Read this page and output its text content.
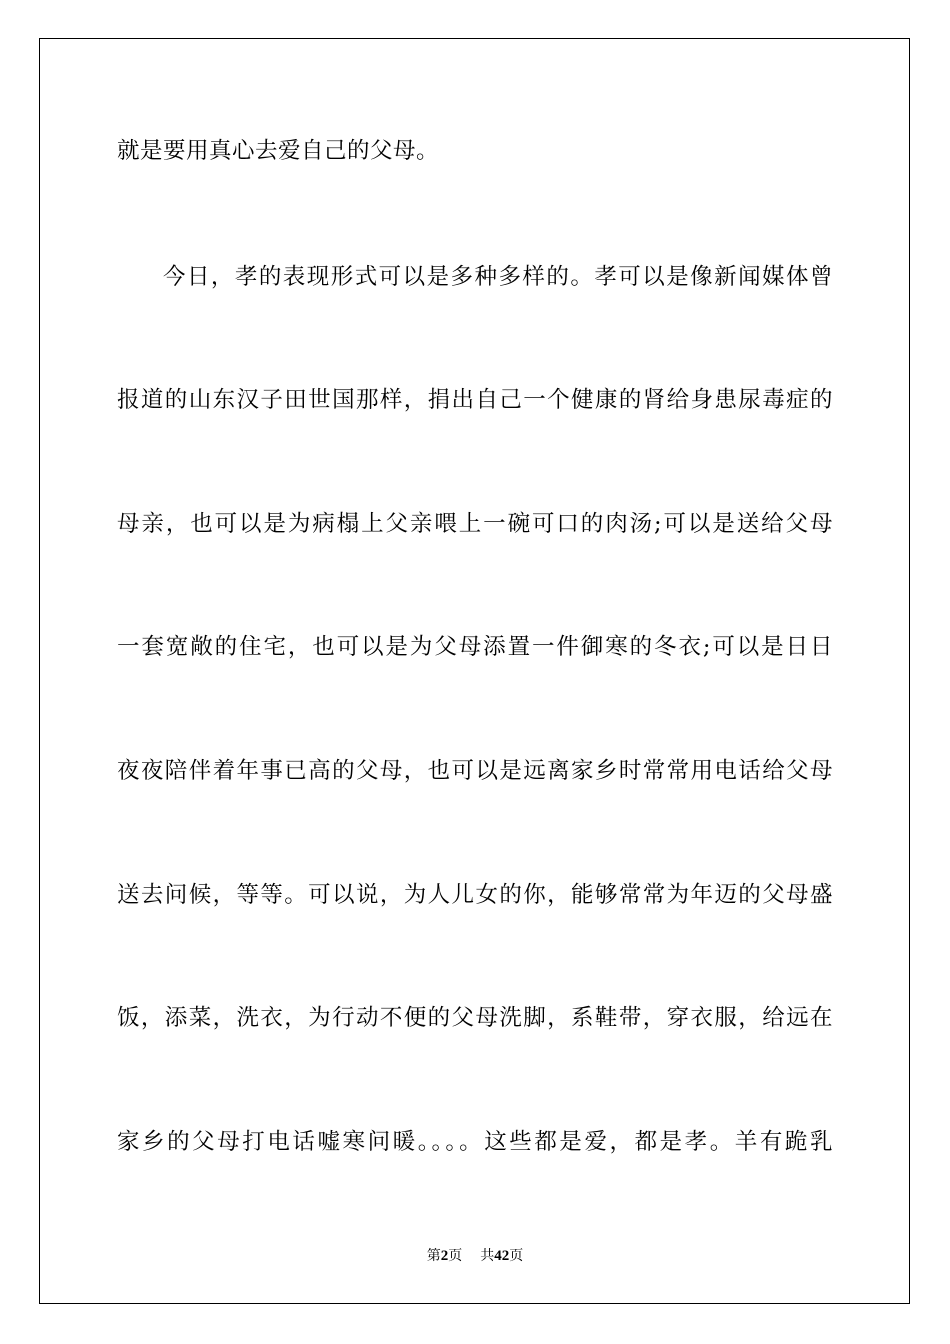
就是要用真心去爱自己的父母。
今日，孝的表现形式可以是多种多样的。孝可以是像新闻媒体曾
报道的山东汉子田世国那样，捐出自己一个健康的肾给身患尿毒症的
母亲，也可以是为病榻上父亲喂上一碗可口的肉汤;可以是送给父母
一套宽敞的住宅，也可以是为父母添置一件御寒的冬衣;可以是日日
夜夜陪伴着年事已高的父母，也可以是远离家乡时常常用电话给父母
送去问候，等等。可以说，为人儿女的你，能够常常为年迈的父母盛
饭，添菜，洗衣，为行动不便的父母洗脚，系鞋带，穿衣服，给远在
家乡的父母打电话嘘寒问暖。。。。这些都是爱，都是孝。羊有跪乳
第2页 共42页
